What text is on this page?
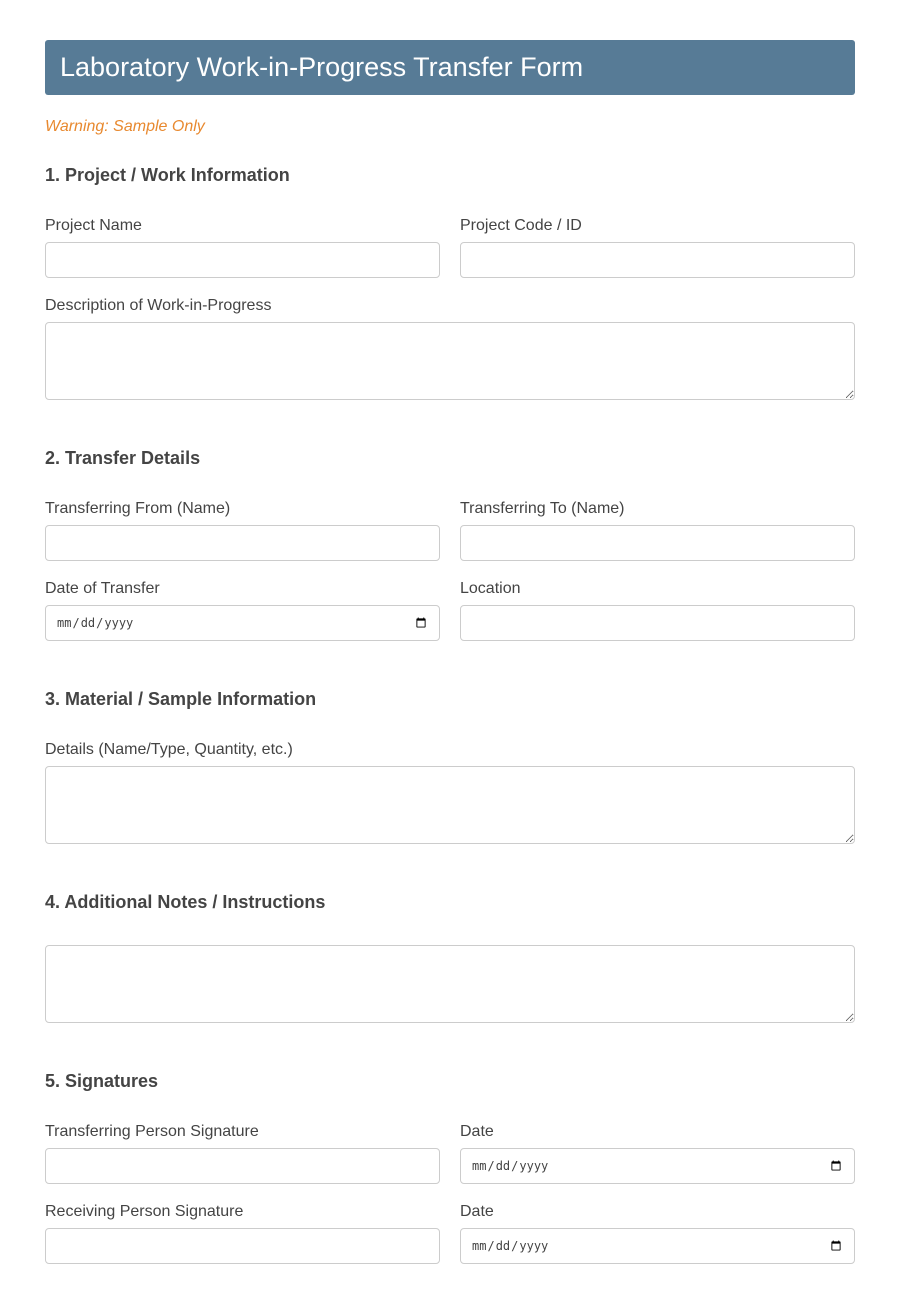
Laboratory Work-in-Progress Transfer Form
Warning: Sample Only
1. Project / Work Information
Project Name	Project Code / ID
Description of Work-in-Progress
2. Transfer Details
Transferring From (Name)	Transferring To (Name)
Date of Transfer	Location
3. Material / Sample Information
Details (Name/Type, Quantity, etc.)
4. Additional Notes / Instructions
5. Signatures
Transferring Person Signature	Date
Receiving Person Signature	Date
